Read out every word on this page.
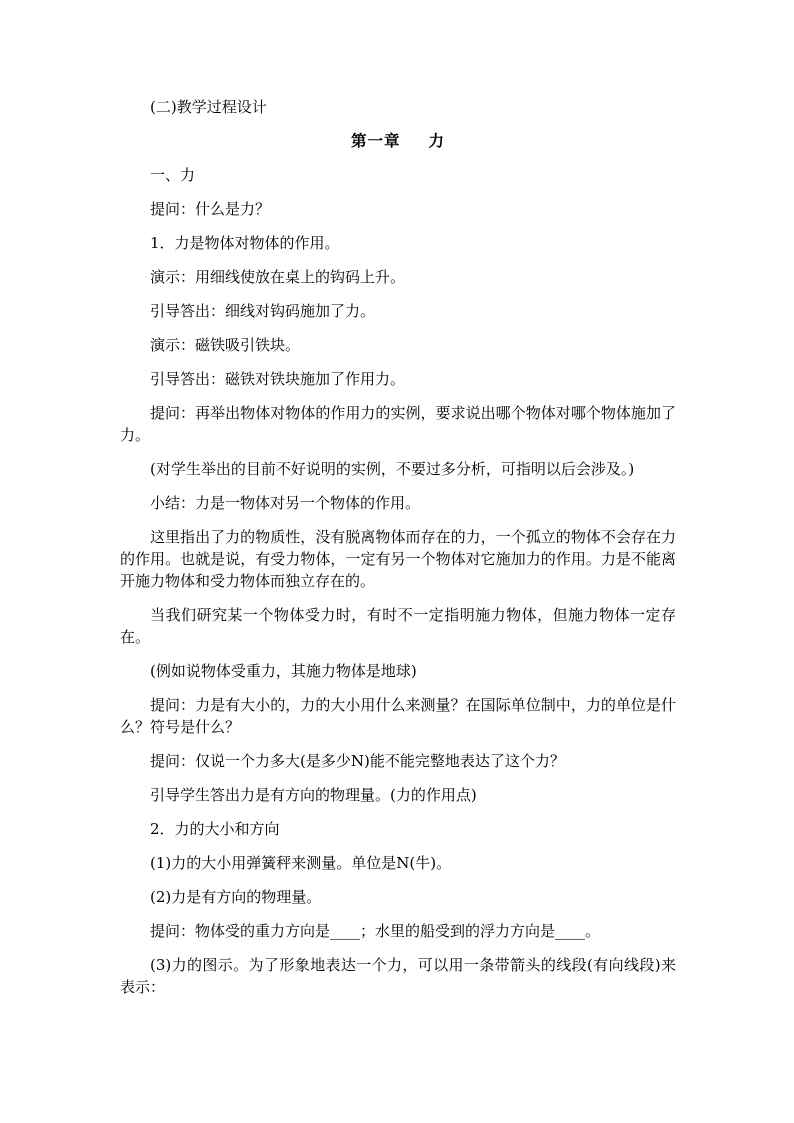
(二)教学过程设计

第一章 力

一、力

提问：什么是力？

1．力是物体对物体的作用。

演示：用细线使放在桌上的钩码上升。

引导答出：细线对钩码施加了力。

演示：磁铁吸引铁块。

引导答出：磁铁对铁块施加了作用力。

提问：再举出物体对物体的作用力的实例，要求说出哪个物体对哪个物体施加了力。

(对学生举出的目前不好说明的实例，不要过多分析，可指明以后会涉及。)

小结：力是一物体对另一个物体的作用。

这里指出了力的物质性，没有脱离物体而存在的力，一个孤立的物体不会存在力的作用。也就是说，有受力物体，一定有另一个物体对它施加力的作用。力是不能离开施力物体和受力物体而独立存在的。

当我们研究某一个物体受力时，有时不一定指明施力物体，但施力物体一定存在。

(例如说物体受重力，其施力物体是地球)

提问：力是有大小的，力的大小用什么来测量？在国际单位制中，力的单位是什么？符号是什么？

提问：仅说一个力多大(是多少N)能不能完整地表达了这个力？

引导学生答出力是有方向的物理量。(力的作用点)

2．力的大小和方向

(1)力的大小用弹簧秤来测量。单位是N(牛)。

(2)力是有方向的物理量。

提问：物体受的重力方向是____；水里的船受到的浮力方向是____。

(3)力的图示。为了形象地表达一个力，可以用一条带箭头的线段(有向线段)来表示：
